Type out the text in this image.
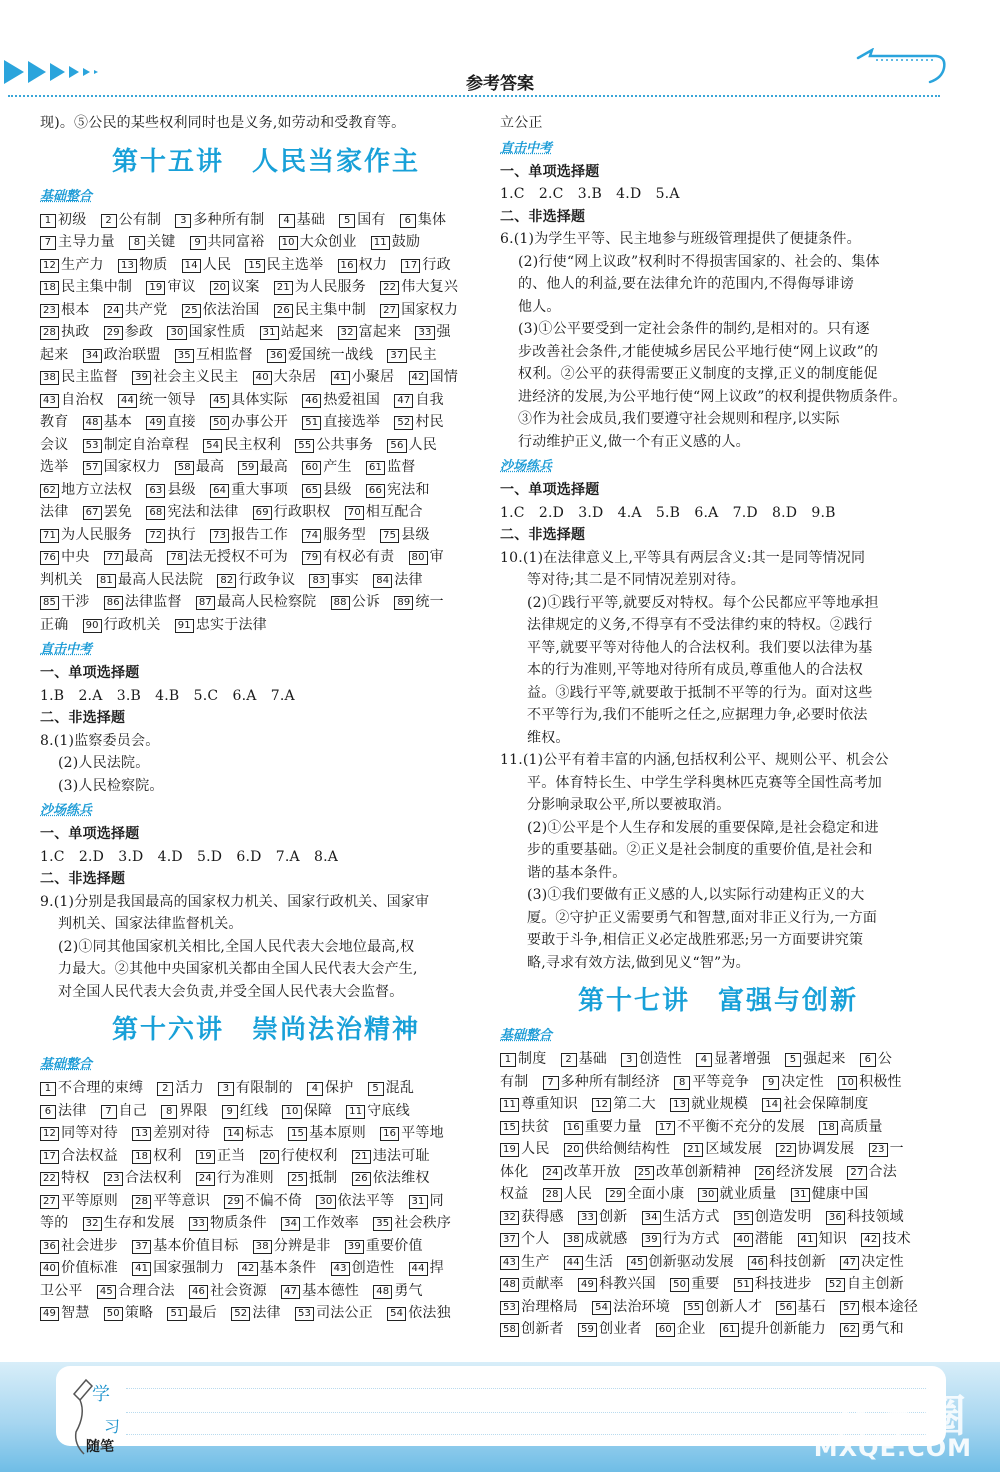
参考答案
现)。⑤公民的某些权利同时也是义务,如劳动和受教育等。
第十五讲　人民当家作主
基础整合
1 初级　2 公有制　3 多种所有制　4 基础　5 国有　6 集体
7 主导力量　8 关键　9 共同富裕　10 大众创业　11 鼓励
12 生产力　13 物质　14 人民　15 民主选举　16 权力　17 行政
18 民主集中制　19 审议　20 议案　21 为人民服务　22 伟大复兴
23 根本　24 共产党　25 依法治国　26 民主集中制　27 国家权力
28 执政　29 参政　30 国家性质　31 站起来　32 富起来　33 强
起来　34 政治联盟　35 互相监督　36 爱国统一战线　37 民主
38 民主监督　39 社会主义民主　40 大杂居　41 小聚居　42 国情
43 自治权　44 统一领导　45 具体实际　46 热爱祖国　47 自我
教育　48 基本　49 直接　50 办事公开　51 直接选举　52 村民
会议　53 制定自治章程　54 民主权利　55 公共事务　56 人民
选举　57 国家权力　58 最高　59 最高　60 产生　61 监督
62 地方立法权　63 县级　64 重大事项　65 县级　66 宪法和
法律　67 罢免　68 宪法和法律　69 行政职权　70 相互配合
71 为人民服务　72 执行　73 报告工作　74 服务型　75 县级
76 中央　77 最高　78 法无授权不可为　79 有权必有责　80 审
判机关　81 最高人民法院　82 行政争议　83 事实　84 法律
85 干涉　86 法律监督　87 最高人民检察院　88 公诉　89 统一
正确　90 行政机关　91 忠实于法律
直击中考
一、单项选择题
1.B　2.A　3.B　4.B　5.C　6.A　7.A
二、非选择题
8.(1)监察委员会。
(2)人民法院。
(3)人民检察院。
沙场练兵
一、单项选择题
1.C　2.D　3.D　4.D　5.D　6.D　7.A　8.A
二、非选择题
9.(1)分别是我国最高的国家权力机关、国家行政机关、国家审
判机关、国家法律监督机关。
(2)①同其他国家机关相比,全国人民代表大会地位最高,权
力最大。②其他中央国家机关都由全国人民代表大会产生,
对全国人民代表大会负责,并受全国人民代表大会监督。
第十六讲　崇尚法治精神
基础整合
1 不合理的束缚　2 活力　3 有限制的　4 保护　5 混乱
6 法律　7 自己　8 界限　9 红线　10 保障　11 守底线
12 同等对待　13 差别对待　14 标志　15 基本原则　16 平等地
17 合法权益　18 权利　19 正当　20 行使权利　21 违法可耻
22 特权　23 合法权利　24 行为准则　25 抵制　26 依法维权
27 平等原则　28 平等意识　29 不偏不倚　30 依法平等　31 同
等的　32 生存和发展　33 物质条件　34 工作效率　35 社会秩序
36 社会进步　37 基本价值目标　38 分辨是非　39 重要价值
40 价值标准　41 国家强制力　42 基本条件　43 创造性　44 捍
卫公平　45 合理合法　46 社会资源　47 基本德性　48 勇气
49 智慧　50 策略　51 最后　52 法律　53 司法公正　54 依法独
立公正
直击中考
一、单项选择题
1.C　2.C　3.B　4.D　5.A
二、非选择题
6.(1)为学生平等、民主地参与班级管理提供了便捷条件。
(2)行使“网上议政”权利时不得损害国家的、社会的、集体
的、他人的利益,要在法律允许的范围内,不得侮辱诽谤
他人。
(3)①公平要受到一定社会条件的制约,是相对的。只有逐
步改善社会条件,才能使城乡居民公平地行使“网上议政”的
权利。②公平的获得需要正义制度的支撑,正义的制度能促
进经济的发展,为公平地行使“网上议政”的权利提供物质条件。
③作为社会成员,我们要遵守社会规则和程序,以实际
行动维护正义,做一个有正义感的人。
沙场练兵
一、单项选择题
1.C　2.D　3.D　4.A　5.B　6.A　7.D　8.D　9.B
二、非选择题
10.(1)在法律意义上,平等具有两层含义:其一是同等情况同
等对待;其二是不同情况差别对待。
(2)①践行平等,就要反对特权。每个公民都应平等地承担
法律规定的义务,不得享有不受法律约束的特权。②践行
平等,就要平等对待他人的合法权利。我们要以法律为基
本的行为准则,平等地对待所有成员,尊重他人的合法权
益。③践行平等,就要敢于抵制不平等的行为。面对这些
不平等行为,我们不能听之任之,应据理力争,必要时依法
维权。
11.(1)公平有着丰富的内涵,包括权利公平、规则公平、机会公
平。体育特长生、中学生学科奥林匹克赛等全国性高考加
分影响录取公平,所以要被取消。
(2)①公平是个人生存和发展的重要保障,是社会稳定和进
步的重要基础。②正义是社会制度的重要价值,是社会和
谐的基本条件。
(3)①我们要做有正义感的人,以实际行动建构正义的大
厦。②守护正义需要勇气和智慧,面对非正义行为,一方面
要敢于斗争,相信正义必定战胜邪恶;另一方面要讲究策
略,寻求有效方法,做到见义“智”为。
第十七讲　富强与创新
基础整合
1 制度　2 基础　3 创造性　4 显著增强　5 强起来　6 公
有制　7 多种所有制经济　8 平等竞争　9 决定性　10 积极性
11 尊重知识　12 第二大　13 就业规模　14 社会保障制度
15 扶贫　16 重要力量　17 不平衡不充分的发展　18 高质量
19 人民　20 供给侧结构性　21 区域发展　22 协调发展　23 一
体化　24 改革开放　25 改革创新精神　26 经济发展　27 合法
权益　28 人民　29 全面小康　30 就业质量　31 健康中国
32 获得感　33 创新　34 生活方式　35 创造发明　36 科技领域
37 个人　38 成就感　39 行为方式　40 潜能　41 知识　42 技术
43 生产　44 生活　45 创新驱动发展　46 科技创新　47 决定性
48 贡献率　49 科教兴国　50 重要　51 科技进步　52 自主创新
53 治理格局　54 法治环境　55 创新人才　56 基石　57 根本途径
58 创新者　59 创业者　60 企业　61 提升创新能力　62 勇气和
学
习
随笔
答案圈
MXQE.COM
